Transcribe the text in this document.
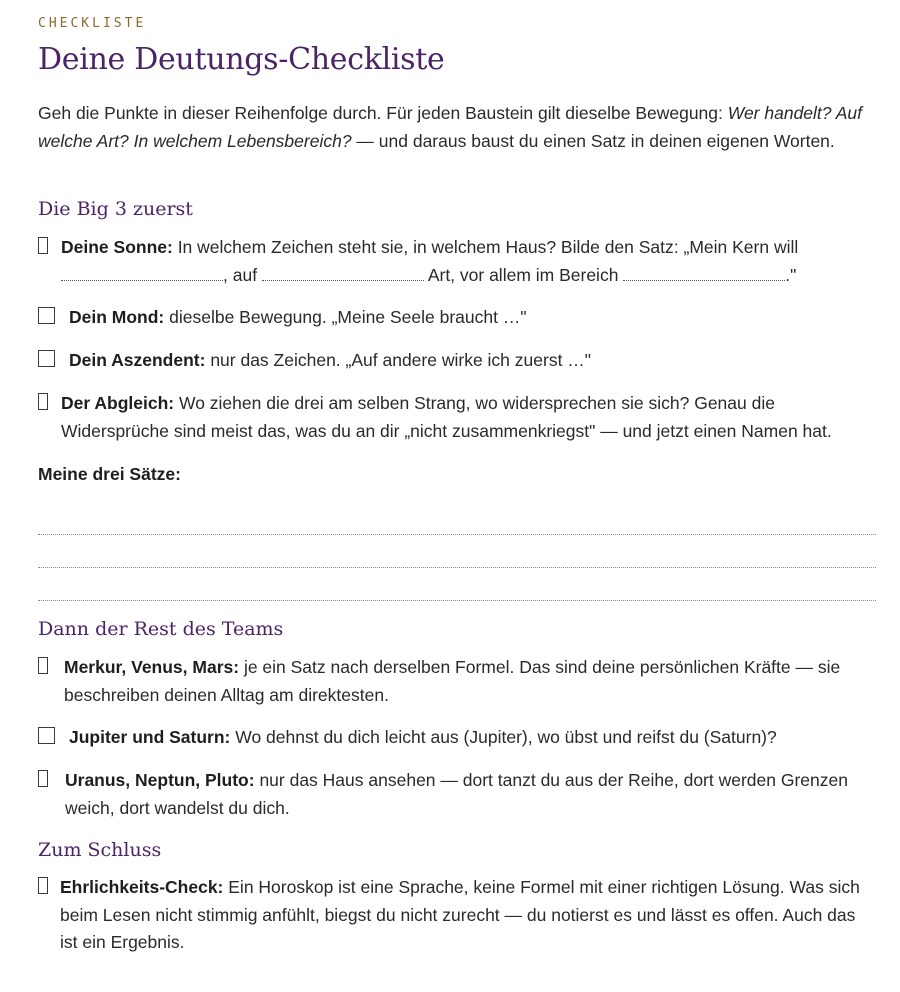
CHECKLISTE
Deine Deutungs-Checkliste

Geh die Punkte in dieser Reihenfolge durch. Für jeden Baustein gilt dieselbe Bewegung: Wer handelt? Auf welche Art? In welchem Lebensbereich? — und daraus baust du einen Satz in deinen eigenen Worten.

Die Big 3 zuerst
Deine Sonne: In welchem Zeichen steht sie, in welchem Haus? Bilde den Satz: „Mein Kern will
, auf	Art, vor allem im Bereich	."
Dein Mond: dieselbe Bewegung. „Meine Seele braucht …"
Dein Aszendent: nur das Zeichen. „Auf andere wirke ich zuerst …"
Der Abgleich: Wo ziehen die drei am selben Strang, wo widersprechen sie sich? Genau die Widersprüche sind meist das, was du an dir „nicht zusammenkriegst" — und jetzt einen Namen hat.
Meine drei Sätze:
Dann der Rest des Teams
Merkur, Venus, Mars: je ein Satz nach derselben Formel. Das sind deine persönlichen Kräfte — sie beschreiben deinen Alltag am direktesten.
Jupiter und Saturn: Wo dehnst du dich leicht aus (Jupiter), wo übst und reifst du (Saturn)?
Uranus, Neptun, Pluto: nur das Haus ansehen — dort tanzt du aus der Reihe, dort werden Grenzen weich, dort wandelst du dich.
Zum Schluss
Ehrlichkeits-Check: Ein Horoskop ist eine Sprache, keine Formel mit einer richtigen Lösung. Was sich beim Lesen nicht stimmig anfühlt, biegst du nicht zurecht — du notierst es und lässt es offen. Auch das ist ein Ergebnis.
